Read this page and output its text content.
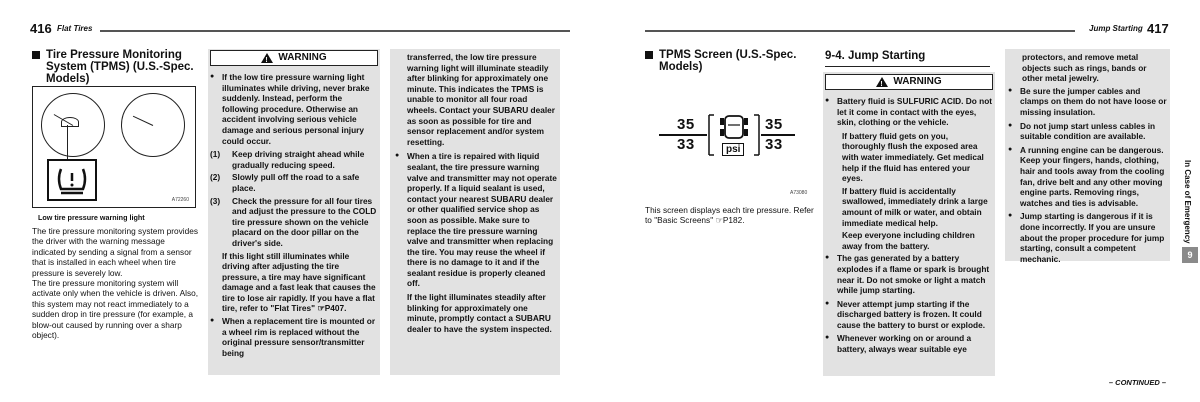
416 Flat Tires
Tire Pressure Monitoring System (TPMS) (U.S.-Spec. Models)
A72260
Low tire pressure warning light
The tire pressure monitoring system provides the driver with the warning message indicated by sending a signal from a sensor that is installed in each wheel when tire pressure is severely low.
The tire pressure monitoring system will activate only when the vehicle is driven. Also, this system may not react immediately to a sudden drop in tire pressure (for example, a blow-out caused by running over a sharp object).
!
WARNING
● If the low tire pressure warning light illuminates while driving, never brake suddenly. Instead, perform the following procedure. Otherwise an accident involving serious vehicle damage and serious personal injury could occur.
(1) Keep driving straight ahead while gradually reducing speed.
(2) Slowly pull off the road to a safe place.
(3) Check the pressure for all four tires and adjust the pressure to the COLD tire pressure shown on the vehicle placard on the door pillar on the driver's side.
If this light still illuminates while driving after adjusting the tire pressure, a tire may have significant damage and a fast leak that causes the tire to lose air rapidly. If you have a flat tire, refer to "Flat Tires" ☞P407.
● When a replacement tire is mounted or a wheel rim is replaced without the original pressure sensor/transmitter being
transferred, the low tire pressure warning light will illuminate steadily after blinking for approximately one minute. This indicates the TPMS is unable to monitor all four road wheels. Contact your SUBARU dealer as soon as possible for tire and sensor replacement and/or system resetting.
● When a tire is repaired with liquid sealant, the tire pressure warning valve and transmitter may not operate properly. If a liquid sealant is used, contact your nearest SUBARU dealer or other qualified service shop as soon as possible. Make sure to replace the tire pressure warning valve and transmitter when replacing the tire. You may reuse the wheel if there is no damage to it and if the sealant residue is properly cleaned off.
If the light illuminates steadily after blinking for approximately one minute, promptly contact a SUBARU dealer to have the system inspected.
Jump Starting 417
TPMS Screen (U.S.-Spec. Models)
35
33
35
33
psi
A73080
This screen displays each tire pressure. Refer to "Basic Screens" ☞P182.
9-4. Jump Starting
!
WARNING
● Battery fluid is SULFURIC ACID. Do not let it come in contact with the eyes, skin, clothing or the vehicle.
If battery fluid gets on you, thoroughly flush the exposed area with water immediately. Get medical help if the fluid has entered your eyes.
If battery fluid is accidentally swallowed, immediately drink a large amount of milk or water, and obtain immediate medical help.
Keep everyone including children away from the battery.
● The gas generated by a battery explodes if a flame or spark is brought near it. Do not smoke or light a match while jump starting.
● Never attempt jump starting if the discharged battery is frozen. It could cause the battery to burst or explode.
● Whenever working on or around a battery, always wear suitable eye
protectors, and remove metal objects such as rings, bands or other metal jewelry.
● Be sure the jumper cables and clamps on them do not have loose or missing insulation.
● Do not jump start unless cables in suitable condition are available.
● A running engine can be dangerous. Keep your fingers, hands, clothing, hair and tools away from the cooling fan, drive belt and any other moving engine parts. Removing rings, watches and ties is advisable.
● Jump starting is dangerous if it is done incorrectly. If you are unsure about the proper procedure for jump starting, consult a competent mechanic.
In Case of Emergency
9
– CONTINUED –
